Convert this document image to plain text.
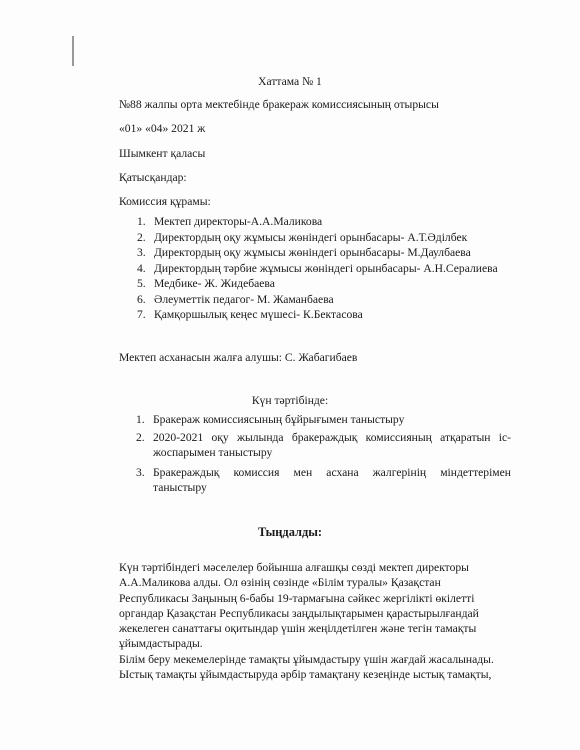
Хаттама № 1
№88 жалпы орта мектебінде бракераж комиссиясының отырысы
«01» «04» 2021 ж
Шымкент қаласы
Қатысқандар:
Комиссия құрамы:
1. Мектеп директоры-А.А.Маликова
2. Директордың оқу жұмысы жөніндегі орынбасары- А.Т.Әділбек
3. Директордың оқу жұмысы жөніндегі орынбасары- М.Даулбаева
4. Директордың тәрбие жұмысы жөніндегі орынбасары- А.Н.Сералиева
5. Медбике- Ж. Жидебаева
6. Әлеуметтік педагог- М. Жаманбаева
7. Қамқоршылық кеңес мүшесі- К.Бектасова
Мектеп асханасын жалға алушы: С. Жабагибаев
Күн тәртібінде:
1. Бракераж комиссиясының бұйрығымен таныстыру
2. 2020-2021 оқу жылында бракераждық комиссияның атқаратын іс-жоспарымен таныстыру
3. Бракераждық комиссия мен асхана жалгерінің міндеттерімен таныстыру
Тыңдалды:
Күн тәртібіндегі мәселелер бойынша алғашқы сөзді мектеп директоры
А.А.Маликова алды. Ол өзінің сөзінде «Білім туралы» Қазақстан
Республикасы Заңының 6-бабы 19-тармағына сәйкес жергілікті өкілетті
органдар Қазақстан Республикасы заңдылықтарымен қарастырылғандай
жекелеген санаттағы оқитындар үшін жеңілдетілген және тегін тамақты
ұйымдастырады.
Білім беру мекемелерінде тамақты ұйымдастыру үшін жағдай жасалынады.
Ыстық тамақты ұйымдастыруда әрбір тамақтану кезеңінде ыстық тамақты,
